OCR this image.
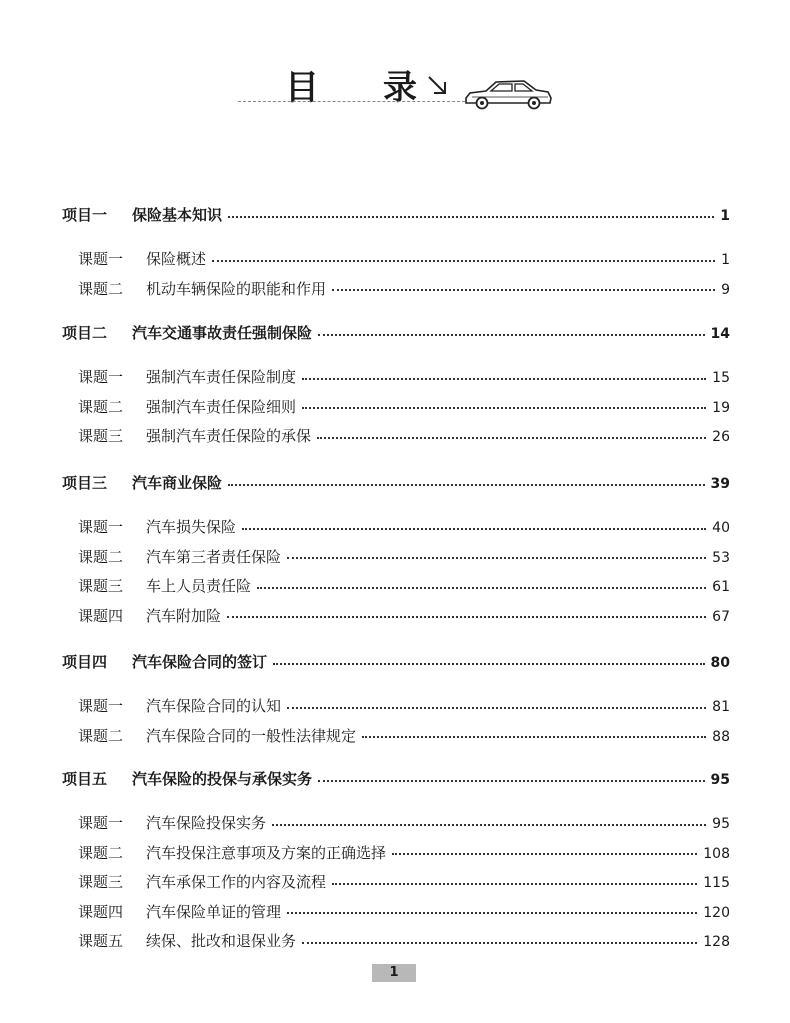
目 录
项目一 保险基本知识	1
课题一 保险概述	1
课题二 机动车辆保险的职能和作用	9
项目二 汽车交通事故责任强制保险	14
课题一 强制汽车责任保险制度	15
课题二 强制汽车责任保险细则	19
课题三 强制汽车责任保险的承保	26
项目三 汽车商业保险	39
课题一 汽车损失保险	40
课题二 汽车第三者责任保险	53
课题三 车上人员责任险	61
课题四 汽车附加险	67
项目四 汽车保险合同的签订	80
课题一 汽车保险合同的认知	81
课题二 汽车保险合同的一般性法律规定	88
项目五 汽车保险的投保与承保实务	95
课题一 汽车保险投保实务	95
课题二 汽车投保注意事项及方案的正确选择	108
课题三 汽车承保工作的内容及流程	115
课题四 汽车保险单证的管理	120
课题五 续保、批改和退保业务	128
1
